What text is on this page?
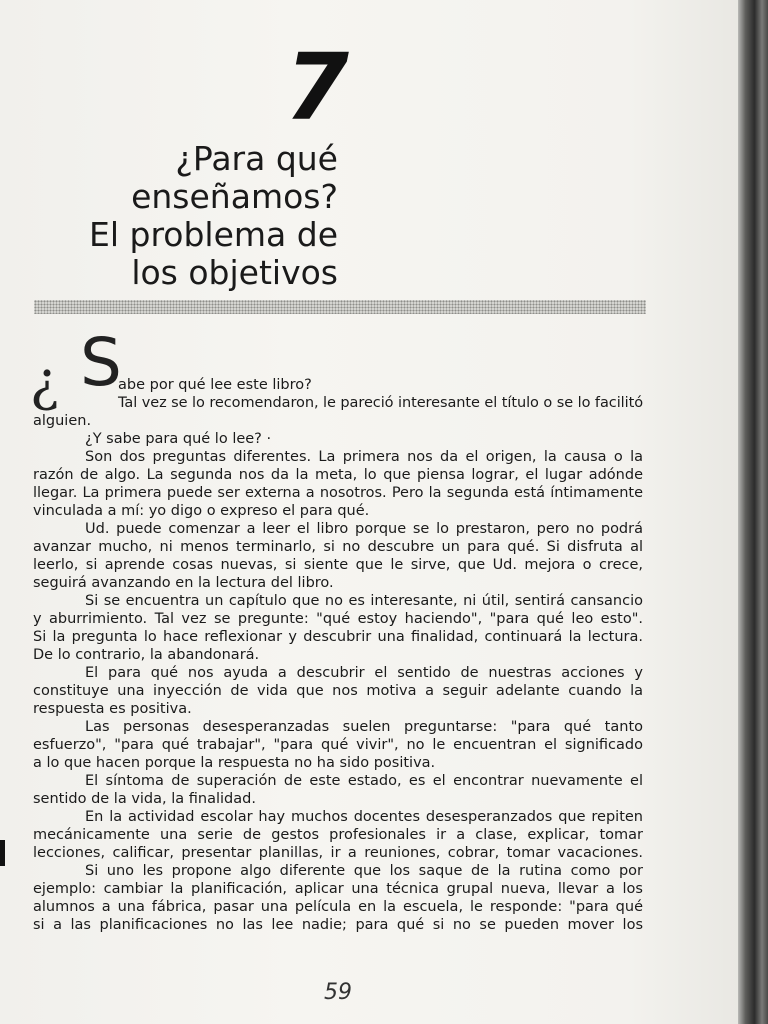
7
¿Para qué
enseñamos?
El problema de
los objetivos
¿ S
abe por qué lee este libro?
Tal vez se lo recomendaron, le pareció interesante el título o se lo facilitó
alguien.
¿Y sabe para qué lo lee? ·
Son dos preguntas diferentes. La primera nos da el origen, la causa o la
razón de algo. La segunda nos da la meta, lo que piensa lograr, el lugar adónde
llegar. La primera puede ser externa a nosotros. Pero la segunda está íntimamente
vinculada a mí: yo digo o expreso el para qué.
Ud. puede comenzar a leer el libro porque se lo prestaron, pero no podrá
avanzar mucho, ni menos terminarlo, si no descubre un para qué. Si disfruta al
leerlo, si aprende cosas nuevas, si siente que le sirve, que Ud. mejora o crece,
seguirá avanzando en la lectura del libro.
Si se encuentra un capítulo que no es interesante, ni útil, sentirá cansancio
y aburrimiento. Tal vez se pregunte: "qué estoy haciendo", "para qué leo esto".
Si la pregunta lo hace reflexionar y descubrir una finalidad, continuará la lectura.
De lo contrario, la abandonará.
El para qué nos ayuda a descubrir el sentido de nuestras acciones y
constituye una inyección de vida que nos motiva a seguir adelante cuando la
respuesta es positiva.
Las personas desesperanzadas suelen preguntarse: "para qué tanto
esfuerzo", "para qué trabajar", "para qué vivir", no le encuentran el significado
a lo que hacen porque la respuesta no ha sido positiva.
El síntoma de superación de este estado, es el encontrar nuevamente el
sentido de la vida, la finalidad.
En la actividad escolar hay muchos docentes desesperanzados que repiten
mecánicamente una serie de gestos profesionales ir a clase, explicar, tomar
lecciones, calificar, presentar planillas, ir a reuniones, cobrar, tomar vacaciones.
Si uno les propone algo diferente que los saque de la rutina como por
ejemplo: cambiar la planificación, aplicar una técnica grupal nueva, llevar a los
alumnos a una fábrica, pasar una película en la escuela, le responde: "para qué
si a las planificaciones no las lee nadie; para qué si no se pueden mover los
59
